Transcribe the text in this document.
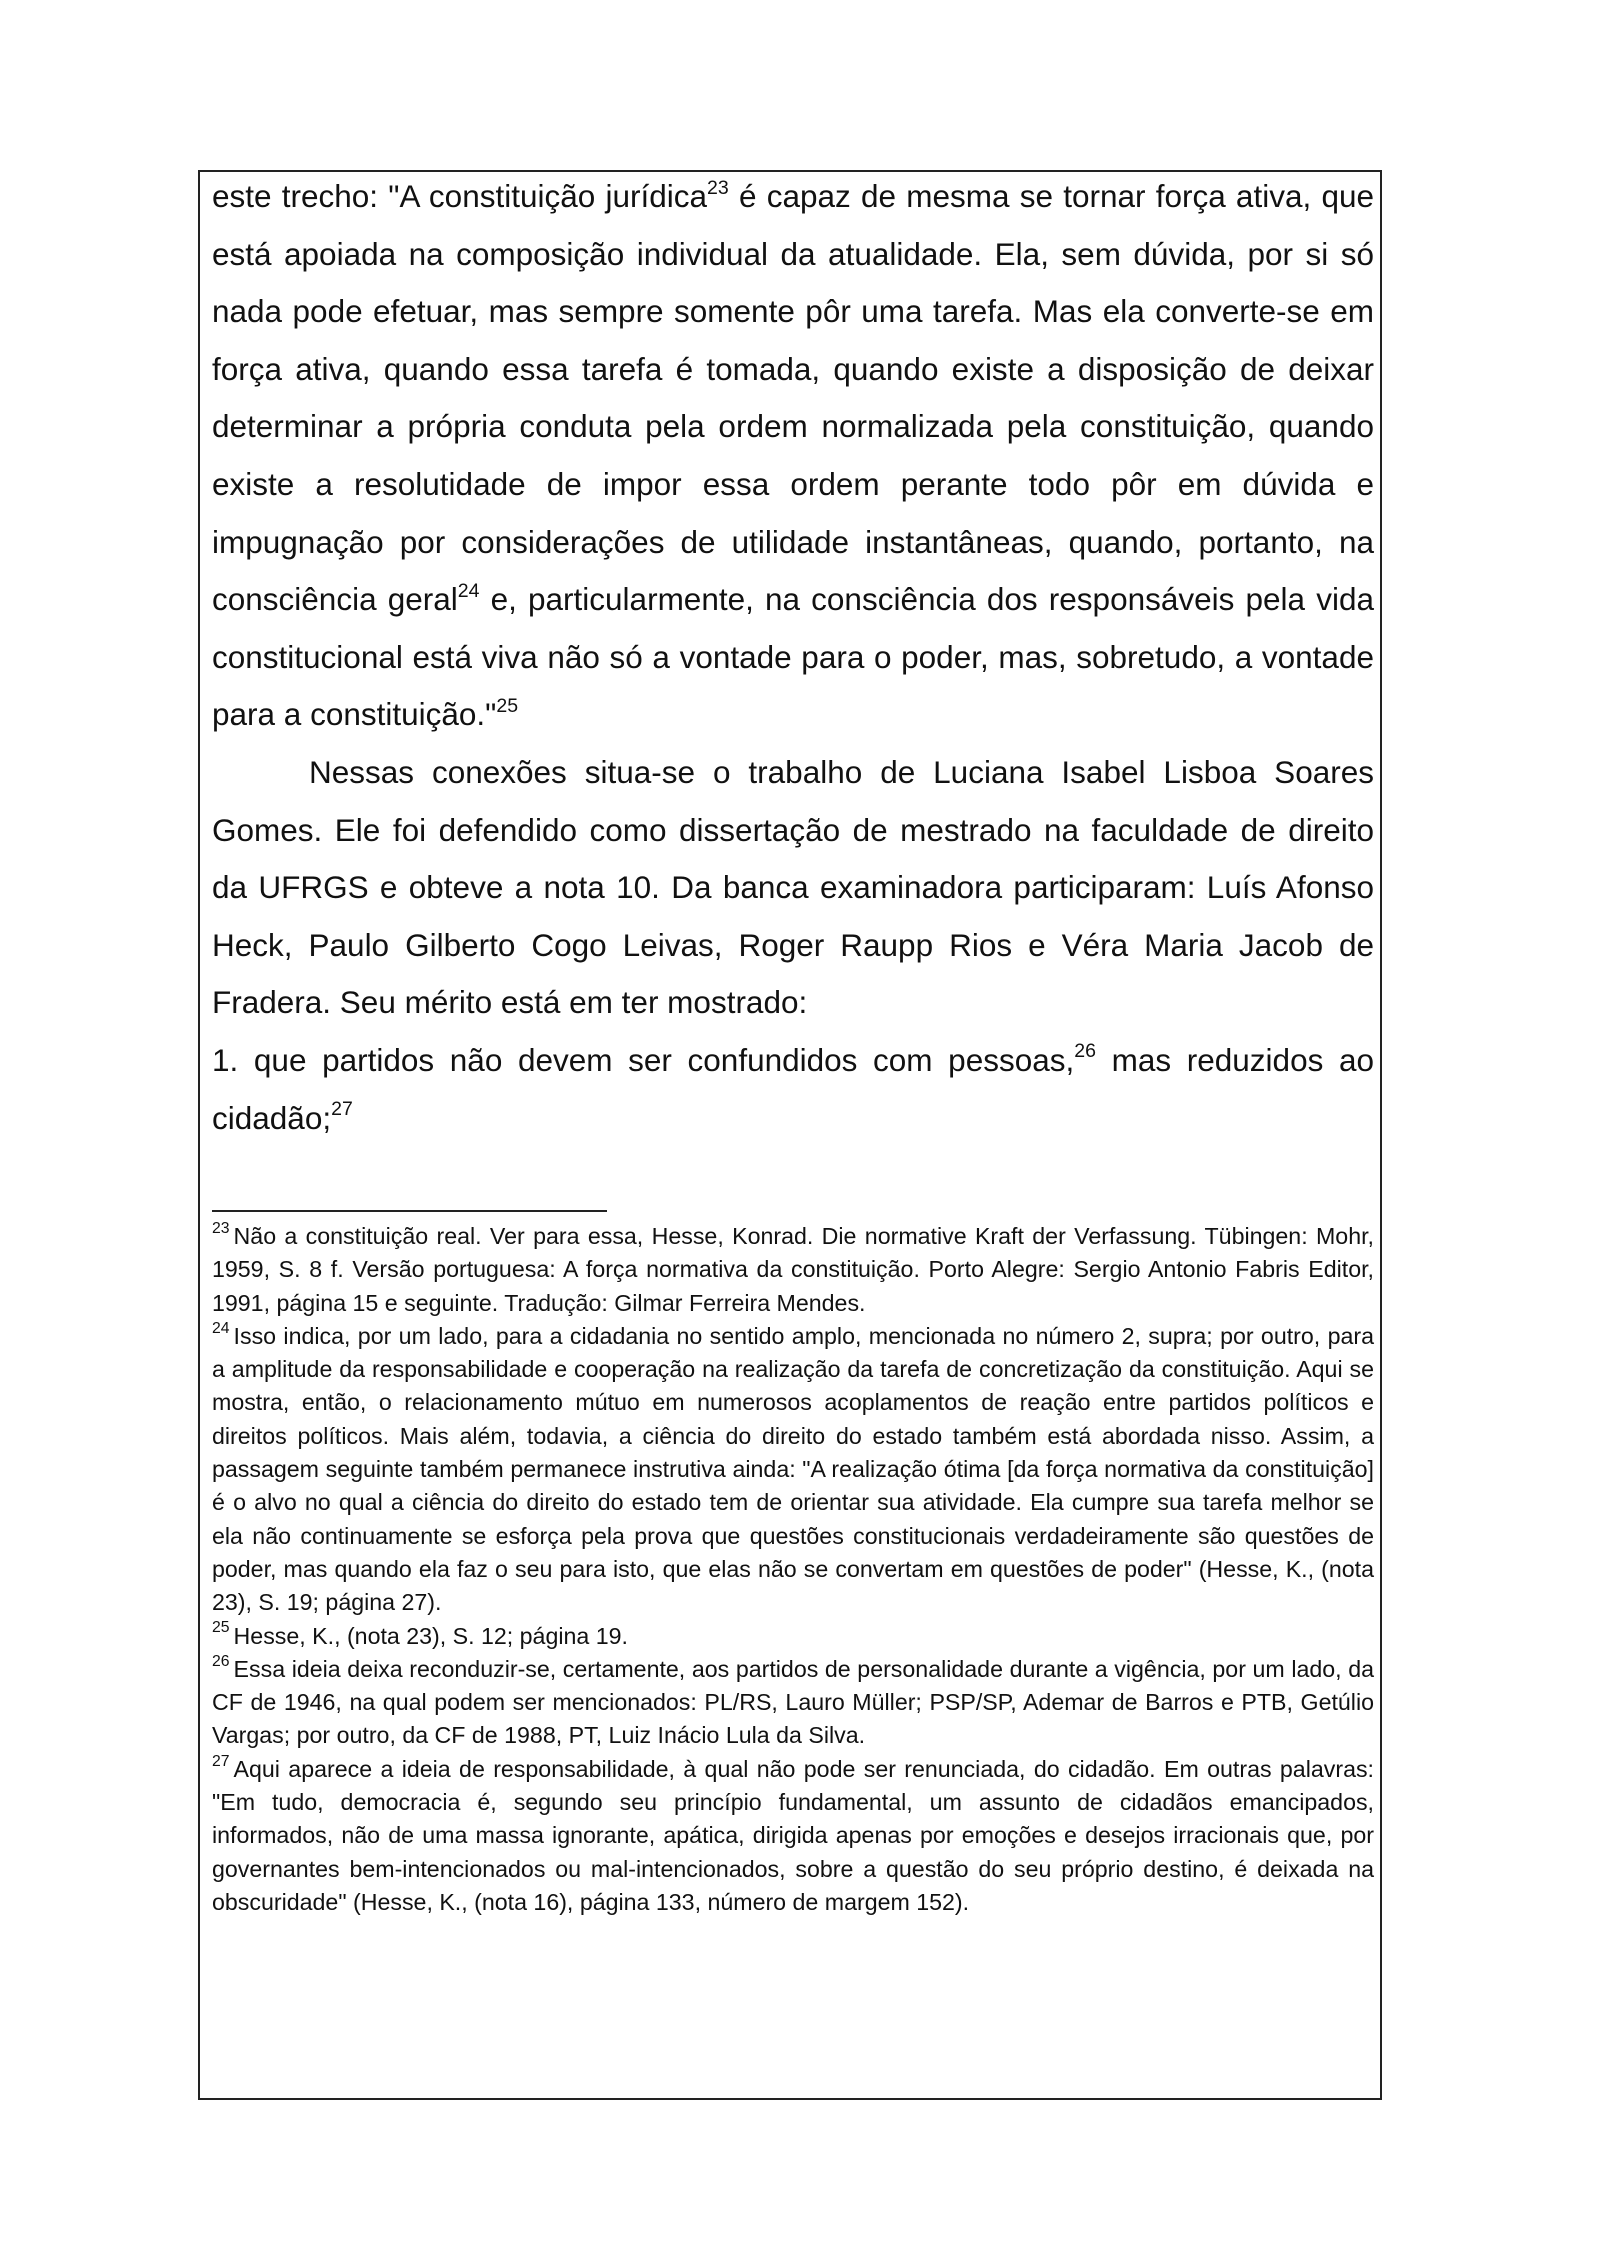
este trecho: "A constituição jurídica$^{23}$ é capaz de mesma se tornar força ativa, que está apoiada na composição individual da atualidade. Ela, sem dúvida, por si só nada pode efetuar, mas sempre somente pôr uma tarefa. Mas ela converte-se em força ativa, quando essa tarefa é tomada, quando existe a disposição de deixar determinar a própria conduta pela ordem normalizada pela constituição, quando existe a resolutidade de impor essa ordem perante todo pôr em dúvida e impugnação por considerações de utilidade instantâneas, quando, portanto, na consciência geral$^{24}$ e, particularmente, na consciência dos responsáveis pela vida constitucional está viva não só a vontade para o poder, mas, sobretudo, a vontade para a constituição."$^{25}$

Nessas conexões situa-se o trabalho de Luciana Isabel Lisboa Soares Gomes. Ele foi defendido como dissertação de mestrado na faculdade de direito da UFRGS e obteve a nota 10. Da banca examinadora participaram: Luís Afonso Heck, Paulo Gilberto Cogo Leivas, Roger Raupp Rios e Véra Maria Jacob de Fradera. Seu mérito está em ter mostrado:

1. que partidos não devem ser confundidos com pessoas,$^{26}$ mas reduzidos ao cidadão;$^{27}$

$^{23}$ Não a constituição real. Ver para essa, Hesse, Konrad. Die normative Kraft der Verfassung. Tübingen: Mohr, 1959, S. 8 f. Versão portuguesa: A força normativa da constituição. Porto Alegre: Sergio Antonio Fabris Editor, 1991, página 15 e seguinte. Tradução: Gilmar Ferreira Mendes.

$^{24}$ Isso indica, por um lado, para a cidadania no sentido amplo, mencionada no número 2, supra; por outro, para a amplitude da responsabilidade e cooperação na realização da tarefa de concretização da constituição. Aqui se mostra, então, o relacionamento mútuo em numerosos acoplamentos de reação entre partidos políticos e direitos políticos. Mais além, todavia, a ciência do direito do estado também está abordada nisso. Assim, a passagem seguinte também permanece instrutiva ainda: "A realização ótima [da força normativa da constituição] é o alvo no qual a ciência do direito do estado tem de orientar sua atividade. Ela cumpre sua tarefa melhor se ela não continuamente se esforça pela prova que questões constitucionais verdadeiramente são questões de poder, mas quando ela faz o seu para isto, que elas não se convertam em questões de poder" (Hesse, K., (nota 23), S. 19; página 27).

$^{25}$ Hesse, K., (nota 23), S. 12; página 19.

$^{26}$ Essa ideia deixa reconduzir-se, certamente, aos partidos de personalidade durante a vigência, por um lado, da CF de 1946, na qual podem ser mencionados: PL/RS, Lauro Müller; PSP/SP, Ademar de Barros e PTB, Getúlio Vargas; por outro, da CF de 1988, PT, Luiz Inácio Lula da Silva.

$^{27}$ Aqui aparece a ideia de responsabilidade, à qual não pode ser renunciada, do cidadão. Em outras palavras: "Em tudo, democracia é, segundo seu princípio fundamental, um assunto de cidadãos emancipados, informados, não de uma massa ignorante, apática, dirigida apenas por emoções e desejos irracionais que, por governantes bem-intencionados ou mal-intencionados, sobre a questão do seu próprio destino, é deixada na obscuridade" (Hesse, K., (nota 16), página 133, número de margem 152).
